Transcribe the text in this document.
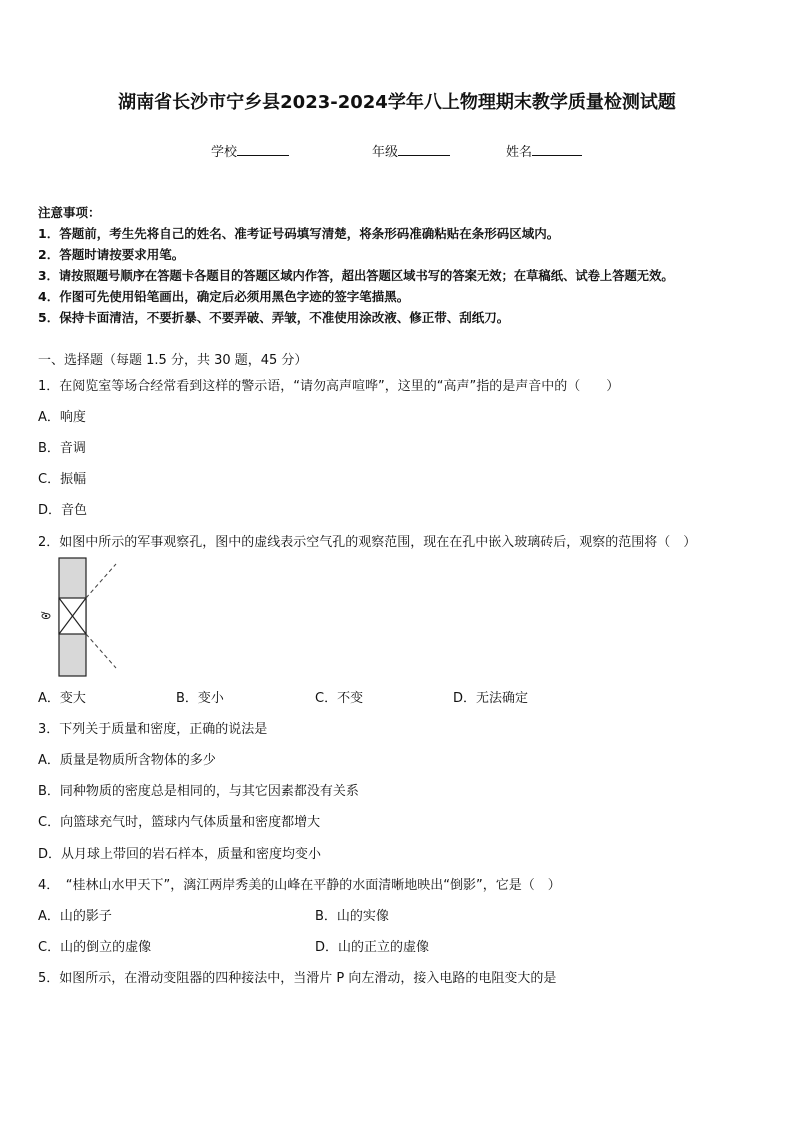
湖南省长沙市宁乡县2023-2024学年八上物理期末教学质量检测试题
学校	年级	姓名
注意事项：
1．答题前，考生先将自己的姓名、准考证号码填写清楚，将条形码准确粘贴在条形码区域内。
2．答题时请按要求用笔。
3．请按照题号顺序在答题卡各题目的答题区域内作答，超出答题区域书写的答案无效；在草稿纸、试卷上答题无效。
4．作图可先使用铅笔画出，确定后必须用黑色字迹的签字笔描黑。
5．保持卡面清洁，不要折暴、不要弄破、弄皱，不准使用涂改液、修正带、刮纸刀。
一、选择题（每题 1.5 分，共 30 题，45 分）
1．在阅览室等场合经常看到这样的警示语，“请勿高声喧哗”，这里的“高声”指的是声音中的（　　）
A．响度
B．音调
C．振幅
D．音色
2．如图中所示的军事观察孔，图中的虚线表示空气孔的观察范围，现在在孔中嵌入玻璃砖后，观察的范围将（　）
A．变大	B．变小	C．不变	D．无法确定
3．下列关于质量和密度，正确的说法是
A．质量是物质所含物体的多少
B．同种物质的密度总是相同的，与其它因素都没有关系
C．向篮球充气时，篮球内气体质量和密度都增大
D．从月球上带回的岩石样本，质量和密度均变小
4．　“桂林山水甲天下”，漓江两岸秀美的山峰在平静的水面清晰地映出“倒影”，它是（　）
A．山的影子	B．山的实像
C．山的倒立的虚像	D．山的正立的虚像
5．如图所示，在滑动变阻器的四种接法中，当滑片 P 向左滑动，接入电路的电阻变大的是
